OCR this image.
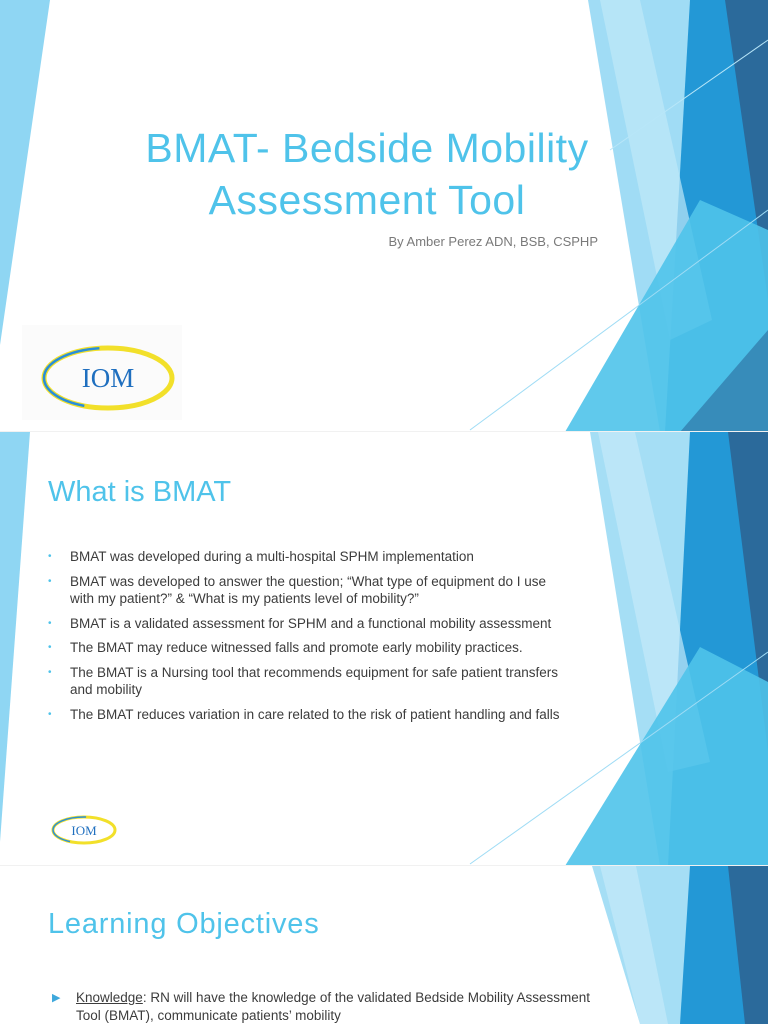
BMAT- Bedside Mobility Assessment Tool
By Amber Perez ADN, BSB, CSPHP
IOM
What is BMAT
• BMAT was developed during a multi-hospital SPHM implementation
• BMAT was developed to answer the question; “What type of equipment do I use with my patient?” & “What is my patients level of mobility?”
• BMAT is a validated assessment for SPHM and a functional mobility assessment
• The BMAT may reduce witnessed falls and promote early mobility practices.
• The BMAT is a Nursing tool that recommends equipment for safe patient transfers and mobility
• The BMAT reduces variation in care related to the risk of patient handling and falls
IOM
Learning Objectives
▶ Knowledge: RN will have the knowledge of the validated Bedside Mobility Assessment Tool (BMAT), communicate patients’ mobility
